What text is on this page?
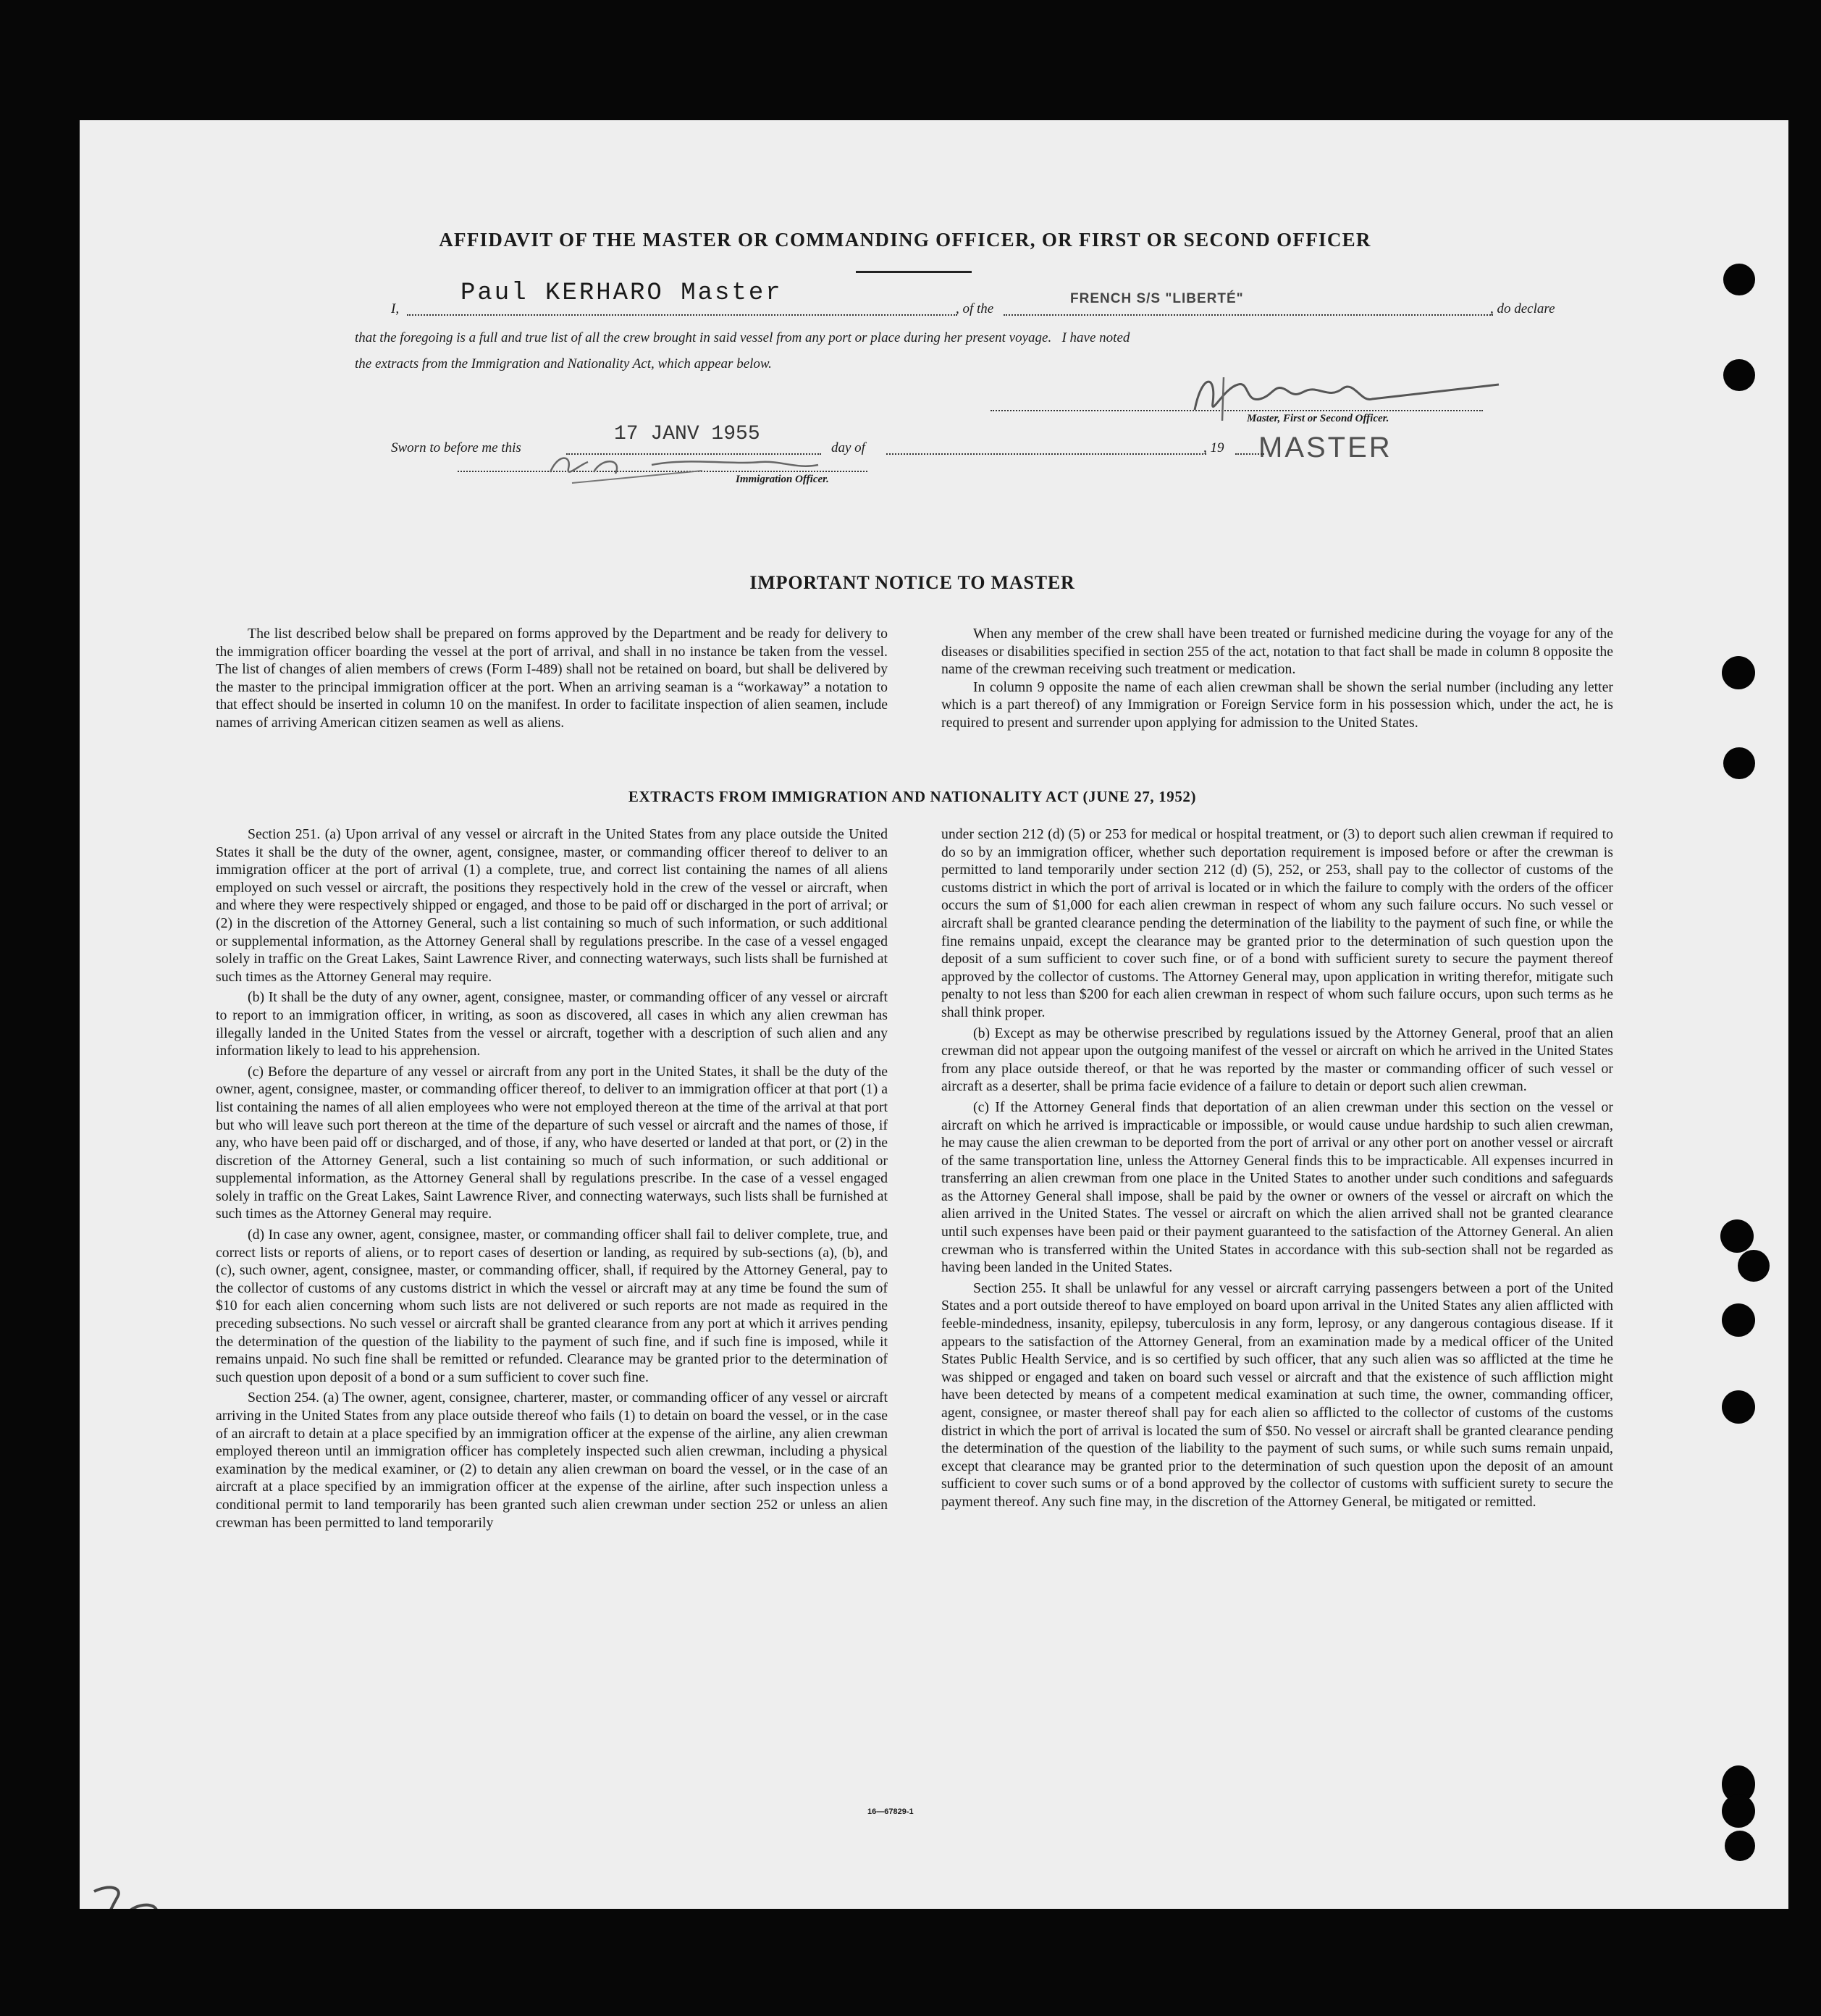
AFFIDAVIT OF THE MASTER OR COMMANDING OFFICER, OR FIRST OR SECOND OFFICER
I,
Paul KERHARO Master
, of the
FRENCH S/S "LIBERTÉ"
, do declare
that the foregoing is a full and true list of all the crew brought in said vessel from any port or place during her present voyage.   I have noted
the extracts from the Immigration and Nationality Act, which appear below.
Master, First or Second Officer.
MASTER
Sworn to before me this
17 JANV 1955
day of	, 19
Immigration Officer.
IMPORTANT NOTICE TO MASTER

The list described below shall be prepared on forms approved by the Department and be ready for delivery to the immigration officer boarding the vessel at the port of arrival, and shall in no instance be taken from the vessel. The list of changes of alien members of crews (Form I-489) shall not be retained on board, but shall be delivered by the master to the principal immigration officer at the port. When an arriving seaman is a “workaway” a notation to that effect should be inserted in column 10 on the manifest. In order to facilitate inspection of alien seamen, include names of arriving American citizen seamen as well as aliens.

When any member of the crew shall have been treated or furnished medicine during the voyage for any of the diseases or disabilities specified in section 255 of the act, notation to that fact shall be made in column 8 opposite the name of the crewman receiving such treatment or medication.

In column 9 opposite the name of each alien crewman shall be shown the serial number (including any letter which is a part thereof) of any Immigration or Foreign Service form in his possession which, under the act, he is required to present and surrender upon applying for admission to the United States.

EXTRACTS FROM IMMIGRATION AND NATIONALITY ACT (JUNE 27, 1952)

Section 251. (a) Upon arrival of any vessel or aircraft in the United States from any place outside the United States it shall be the duty of the owner, agent, consignee, master, or commanding officer thereof to deliver to an immigration officer at the port of arrival (1) a complete, true, and correct list containing the names of all aliens employed on such vessel or aircraft, the positions they respectively hold in the crew of the vessel or aircraft, when and where they were respectively shipped or engaged, and those to be paid off or discharged in the port of arrival; or (2) in the discretion of the Attorney General, such a list containing so much of such information, or such additional or supplemental information, as the Attorney General shall by regulations prescribe. In the case of a vessel engaged solely in traffic on the Great Lakes, Saint Lawrence River, and connecting waterways, such lists shall be furnished at such times as the Attorney General may require.

(b) It shall be the duty of any owner, agent, consignee, master, or commanding officer of any vessel or aircraft to report to an immigration officer, in writing, as soon as discovered, all cases in which any alien crewman has illegally landed in the United States from the vessel or aircraft, together with a description of such alien and any information likely to lead to his apprehension.

(c) Before the departure of any vessel or aircraft from any port in the United States, it shall be the duty of the owner, agent, consignee, master, or commanding officer thereof, to deliver to an immigration officer at that port (1) a list containing the names of all alien employees who were not employed thereon at the time of the arrival at that port but who will leave such port thereon at the time of the departure of such vessel or aircraft and the names of those, if any, who have been paid off or discharged, and of those, if any, who have deserted or landed at that port, or (2) in the discretion of the Attorney General, such a list containing so much of such information, or such additional or supplemental information, as the Attorney General shall by regulations prescribe. In the case of a vessel engaged solely in traffic on the Great Lakes, Saint Lawrence River, and connecting waterways, such lists shall be furnished at such times as the Attorney General may require.

(d) In case any owner, agent, consignee, master, or commanding officer shall fail to deliver complete, true, and correct lists or reports of aliens, or to report cases of desertion or landing, as required by sub-sections (a), (b), and (c), such owner, agent, consignee, master, or commanding officer, shall, if required by the Attorney General, pay to the collector of customs of any customs district in which the vessel or aircraft may at any time be found the sum of $10 for each alien concerning whom such lists are not delivered or such reports are not made as required in the preceding subsections. No such vessel or aircraft shall be granted clearance from any port at which it arrives pending the determination of the question of the liability to the payment of such fine, and if such fine is imposed, while it remains unpaid. No such fine shall be remitted or refunded. Clearance may be granted prior to the determination of such question upon deposit of a bond or a sum sufficient to cover such fine.

Section 254. (a) The owner, agent, consignee, charterer, master, or commanding officer of any vessel or aircraft arriving in the United States from any place outside thereof who fails (1) to detain on board the vessel, or in the case of an aircraft to detain at a place specified by an immigration officer at the expense of the airline, any alien crewman employed thereon until an immigration officer has completely inspected such alien crewman, including a physical examination by the medical examiner, or (2) to detain any alien crewman on board the vessel, or in the case of an aircraft at a place specified by an immigration officer at the expense of the airline, after such inspection unless a conditional permit to land temporarily has been granted such alien crewman under section 252 or unless an alien crewman has been permitted to land temporarily

under section 212 (d) (5) or 253 for medical or hospital treatment, or (3) to deport such alien crewman if required to do so by an immigration officer, whether such deportation requirement is imposed before or after the crewman is permitted to land temporarily under section 212 (d) (5), 252, or 253, shall pay to the collector of customs of the customs district in which the port of arrival is located or in which the failure to comply with the orders of the officer occurs the sum of $1,000 for each alien crewman in respect of whom any such failure occurs. No such vessel or aircraft shall be granted clearance pending the determination of the liability to the payment of such fine, or while the fine remains unpaid, except the clearance may be granted prior to the determination of such question upon the deposit of a sum sufficient to cover such fine, or of a bond with sufficient surety to secure the payment thereof approved by the collector of customs. The Attorney General may, upon application in writing therefor, mitigate such penalty to not less than $200 for each alien crewman in respect of whom such failure occurs, upon such terms as he shall think proper.

(b) Except as may be otherwise prescribed by regulations issued by the Attorney General, proof that an alien crewman did not appear upon the outgoing manifest of the vessel or aircraft on which he arrived in the United States from any place outside thereof, or that he was reported by the master or commanding officer of such vessel or aircraft as a deserter, shall be prima facie evidence of a failure to detain or deport such alien crewman.

(c) If the Attorney General finds that deportation of an alien crewman under this section on the vessel or aircraft on which he arrived is impracticable or impossible, or would cause undue hardship to such alien crewman, he may cause the alien crewman to be deported from the port of arrival or any other port on another vessel or aircraft of the same transportation line, unless the Attorney General finds this to be impracticable. All expenses incurred in transferring an alien crewman from one place in the United States to another under such conditions and safeguards as the Attorney General shall impose, shall be paid by the owner or owners of the vessel or aircraft on which the alien arrived in the United States. The vessel or aircraft on which the alien arrived shall not be granted clearance until such expenses have been paid or their payment guaranteed to the satisfaction of the Attorney General. An alien crewman who is transferred within the United States in accordance with this sub-section shall not be regarded as having been landed in the United States.

Section 255. It shall be unlawful for any vessel or aircraft carrying passengers between a port of the United States and a port outside thereof to have employed on board upon arrival in the United States any alien afflicted with feeble-mindedness, insanity, epilepsy, tuberculosis in any form, leprosy, or any dangerous contagious disease. If it appears to the satisfaction of the Attorney General, from an examination made by a medical officer of the United States Public Health Service, and is so certified by such officer, that any such alien was so afflicted at the time he was shipped or engaged and taken on board such vessel or aircraft and that the existence of such affliction might have been detected by means of a competent medical examination at such time, the owner, commanding officer, agent, consignee, or master thereof shall pay for each alien so afflicted to the collector of customs of the customs district in which the port of arrival is located the sum of $50. No vessel or aircraft shall be granted clearance pending the determination of the question of the liability to the payment of such sums, or while such sums remain unpaid, except that clearance may be granted prior to the determination of such question upon the deposit of an amount sufficient to cover such sums or of a bond approved by the collector of customs with sufficient surety to secure the payment thereof. Any such fine may, in the discretion of the Attorney General, be mitigated or remitted.

16—67829-1
